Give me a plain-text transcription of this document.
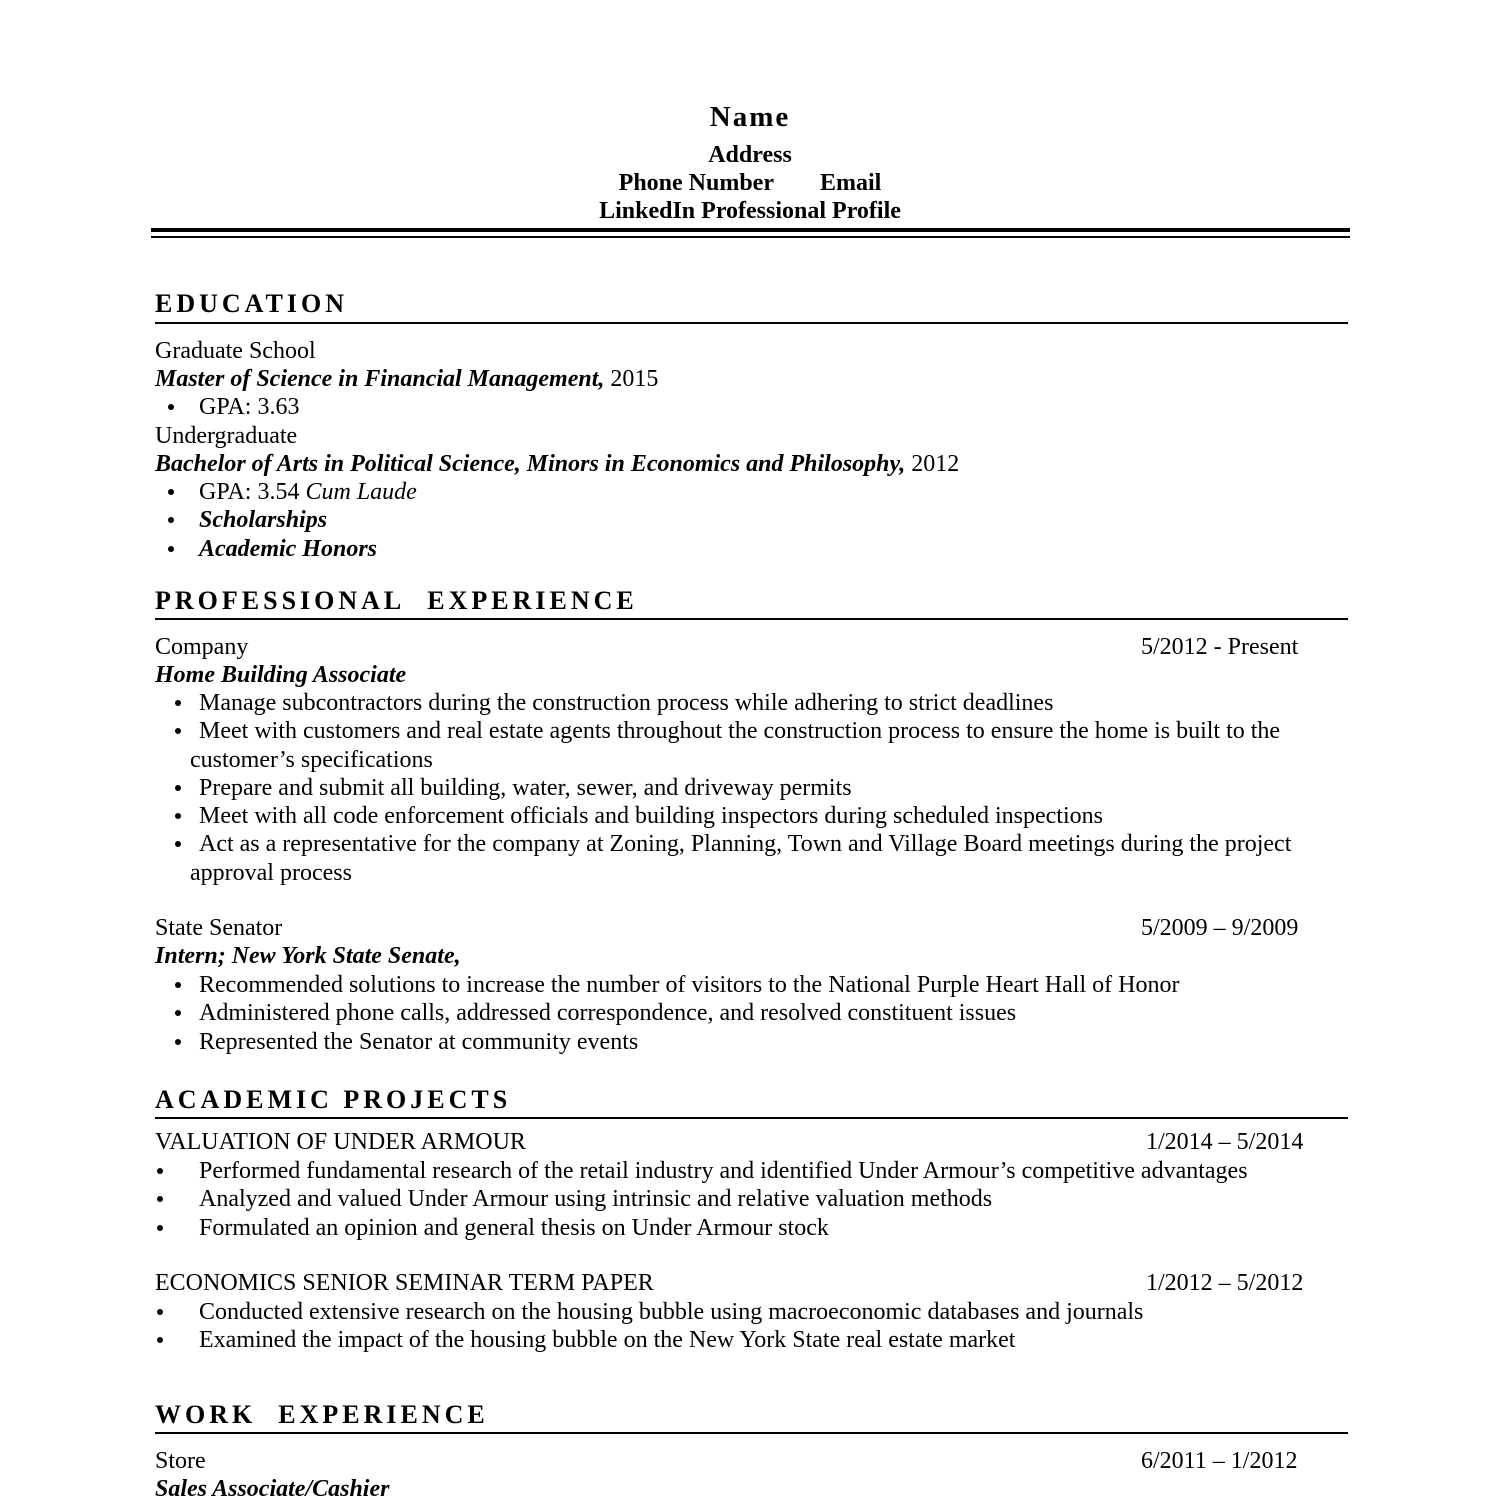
Name
Address
Phone Number Email
LinkedIn Professional Profile
EDUCATION
Graduate School
Master of Science in Financial Management, 2015
GPA: 3.63
Undergraduate
Bachelor of Arts in Political Science, Minors in Economics and Philosophy, 2012
GPA: 3.54 Cum Laude
Scholarships
Academic Honors
PROFESSIONAL EXPERIENCE
Company	5/2012 - Present
Home Building Associate
Manage subcontractors during the construction process while adhering to strict deadlines
Meet with customers and real estate agents throughout the construction process to ensure the home is built to the
customer’s specifications
Prepare and submit all building, water, sewer, and driveway permits
Meet with all code enforcement officials and building inspectors during scheduled inspections
Act as a representative for the company at Zoning, Planning, Town and Village Board meetings during the project
approval process
State Senator	5/2009 – 9/2009
Intern; New York State Senate,
Recommended solutions to increase the number of visitors to the National Purple Heart Hall of Honor
Administered phone calls, addressed correspondence, and resolved constituent issues
Represented the Senator at community events
ACADEMIC PROJECTS
VALUATION OF UNDER ARMOUR	1/2014 – 5/2014
Performed fundamental research of the retail industry and identified Under Armour’s competitive advantages
Analyzed and valued Under Armour using intrinsic and relative valuation methods
Formulated an opinion and general thesis on Under Armour stock
ECONOMICS SENIOR SEMINAR TERM PAPER	1/2012 – 5/2012
Conducted extensive research on the housing bubble using macroeconomic databases and journals
Examined the impact of the housing bubble on the New York State real estate market
WORK EXPERIENCE
Store	6/2011 – 1/2012
Sales Associate/Cashier
